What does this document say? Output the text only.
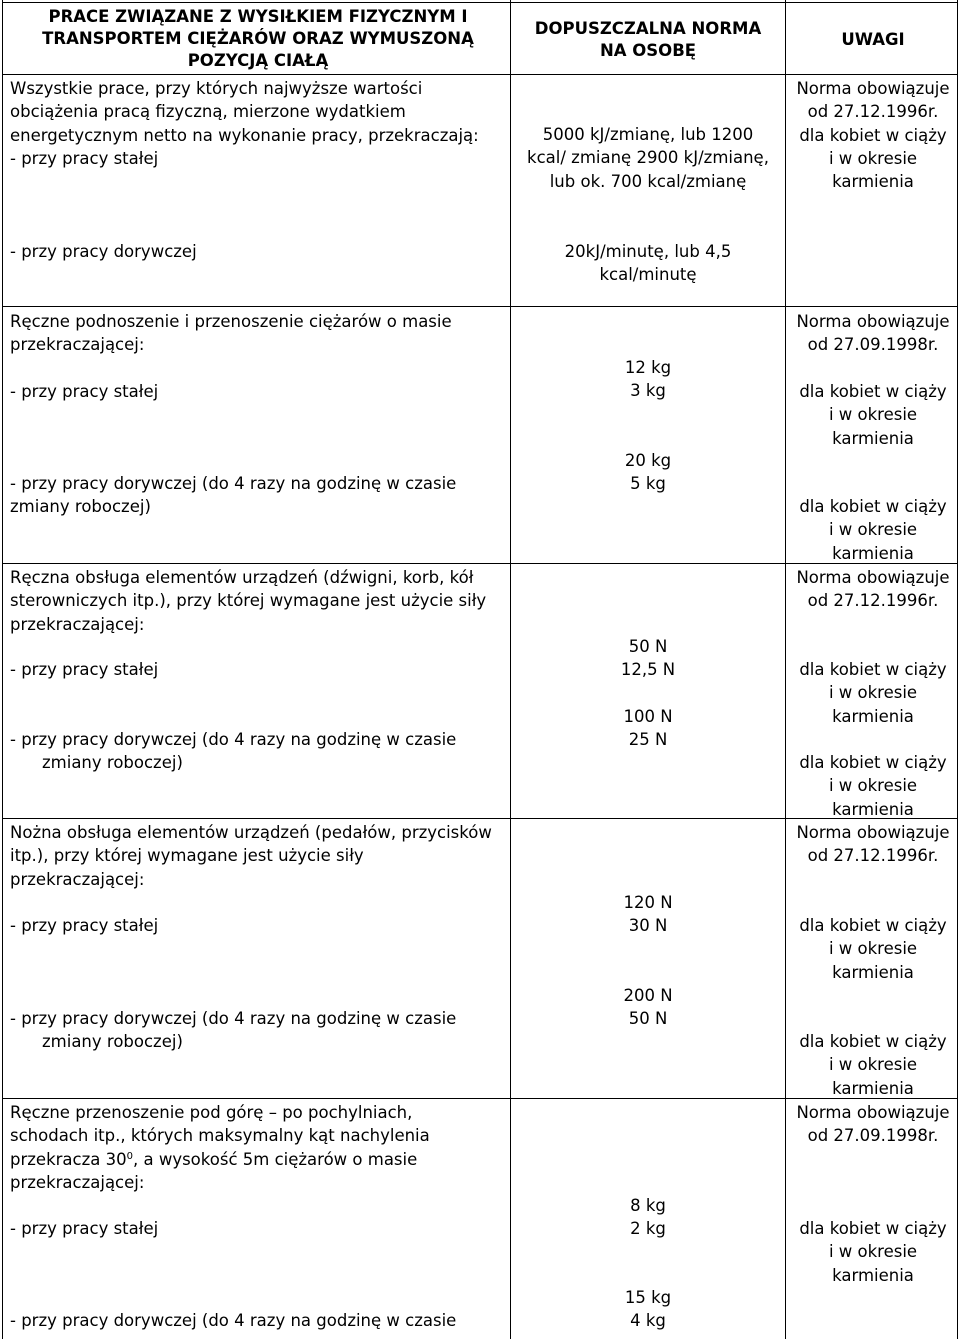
PRACE ZWIĄZANE Z WYSIŁKIEM FIZYCZNYM I
TRANSPORTEM CIĘŻARÓW ORAZ WYMUSZONĄ
POZYCJĄ CIAŁĄ
DOPUSZCZALNA NORMA
NA OSOBĘ
UWAGI
Wszystkie prace, przy których najwyższe wartości
obciążenia pracą fizyczną, mierzone wydatkiem
energetycznym netto na wykonanie pracy, przekraczają:
- przy pracy stałej
5000 kJ/zmianę, lub 1200
kcal/ zmianę 2900 kJ/zmianę,
lub ok. 700 kcal/zmianę
Norma obowiązuje
od 27.12.1996r.
dla kobiet w ciąży
i w okresie
karmienia
- przy pracy dorywczej	20kJ/minutę, lub 4,5
kcal/minutę
Ręczne podnoszenie i przenoszenie ciężarów o masie
przekraczającej:
- przy pracy stałej
- przy pracy dorywczej (do 4 razy na godzinę w czasie
zmiany roboczej)
12 kg
3 kg
20 kg
5 kg
Norma obowiązuje
od 27.09.1998r.
dla kobiet w ciąży
i w okresie
karmienia
dla kobiet w ciąży
i w okresie
karmienia
Ręczna obsługa elementów urządzeń (dźwigni, korb, kół
sterowniczych itp.), przy której wymagane jest użycie siły
przekraczającej:
- przy pracy stałej
- przy pracy dorywczej (do 4 razy na godzinę w czasie
zmiany roboczej)
50 N
12,5 N
100 N
25 N
Norma obowiązuje
od 27.12.1996r.
dla kobiet w ciąży
i w okresie
karmienia
dla kobiet w ciąży
i w okresie
karmienia
Nożna obsługa elementów urządzeń (pedałów, przycisków
itp.), przy której wymagane jest użycie siły
przekraczającej:
- przy pracy stałej
- przy pracy dorywczej (do 4 razy na godzinę w czasie
zmiany roboczej)
120 N
30 N
200 N
50 N
Norma obowiązuje
od 27.12.1996r.
dla kobiet w ciąży
i w okresie
karmienia
dla kobiet w ciąży
i w okresie
karmienia
Ręczne przenoszenie pod górę – po pochylniach,
schodach itp., których maksymalny kąt nachylenia
przekracza $30^0$, a wysokość 5m ciężarów o masie
przekraczającej:
- przy pracy stałej
- przy pracy dorywczej (do 4 razy na godzinę w czasie
8 kg
2 kg
15 kg
4 kg
Norma obowiązuje
od 27.09.1998r.
dla kobiet w ciąży
i w okresie
karmienia
